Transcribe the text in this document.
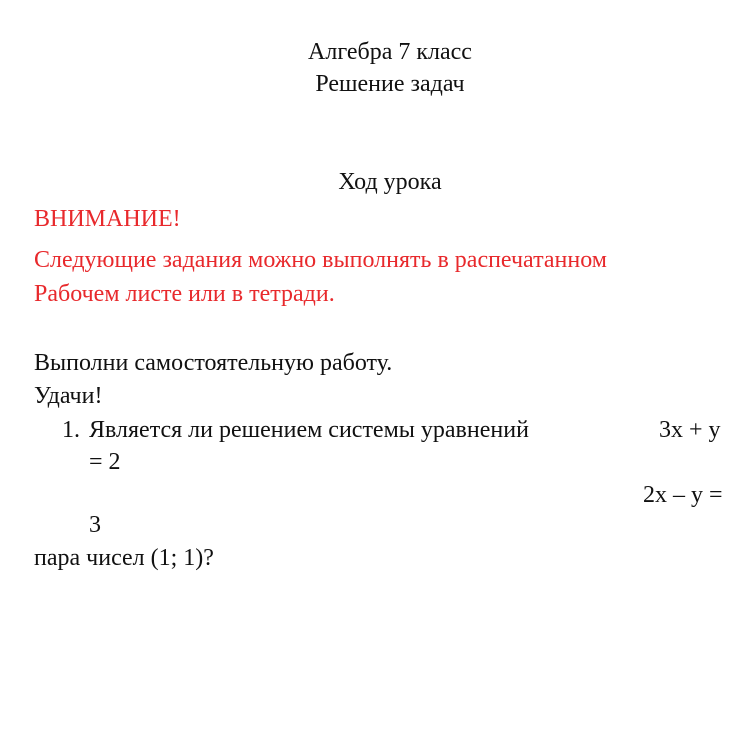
Алгебра 7 класс
Решение задач
Ход урока
ВНИМАНИЕ!
Следующие задания можно выполнять в распечатанном
Рабочем листе или в тетради.
Выполни самостоятельную работу.
Удачи!
1. Является ли решением системы уравнений	3x + y
= 2
2x – y =
3
пара чисел (1; 1)?
